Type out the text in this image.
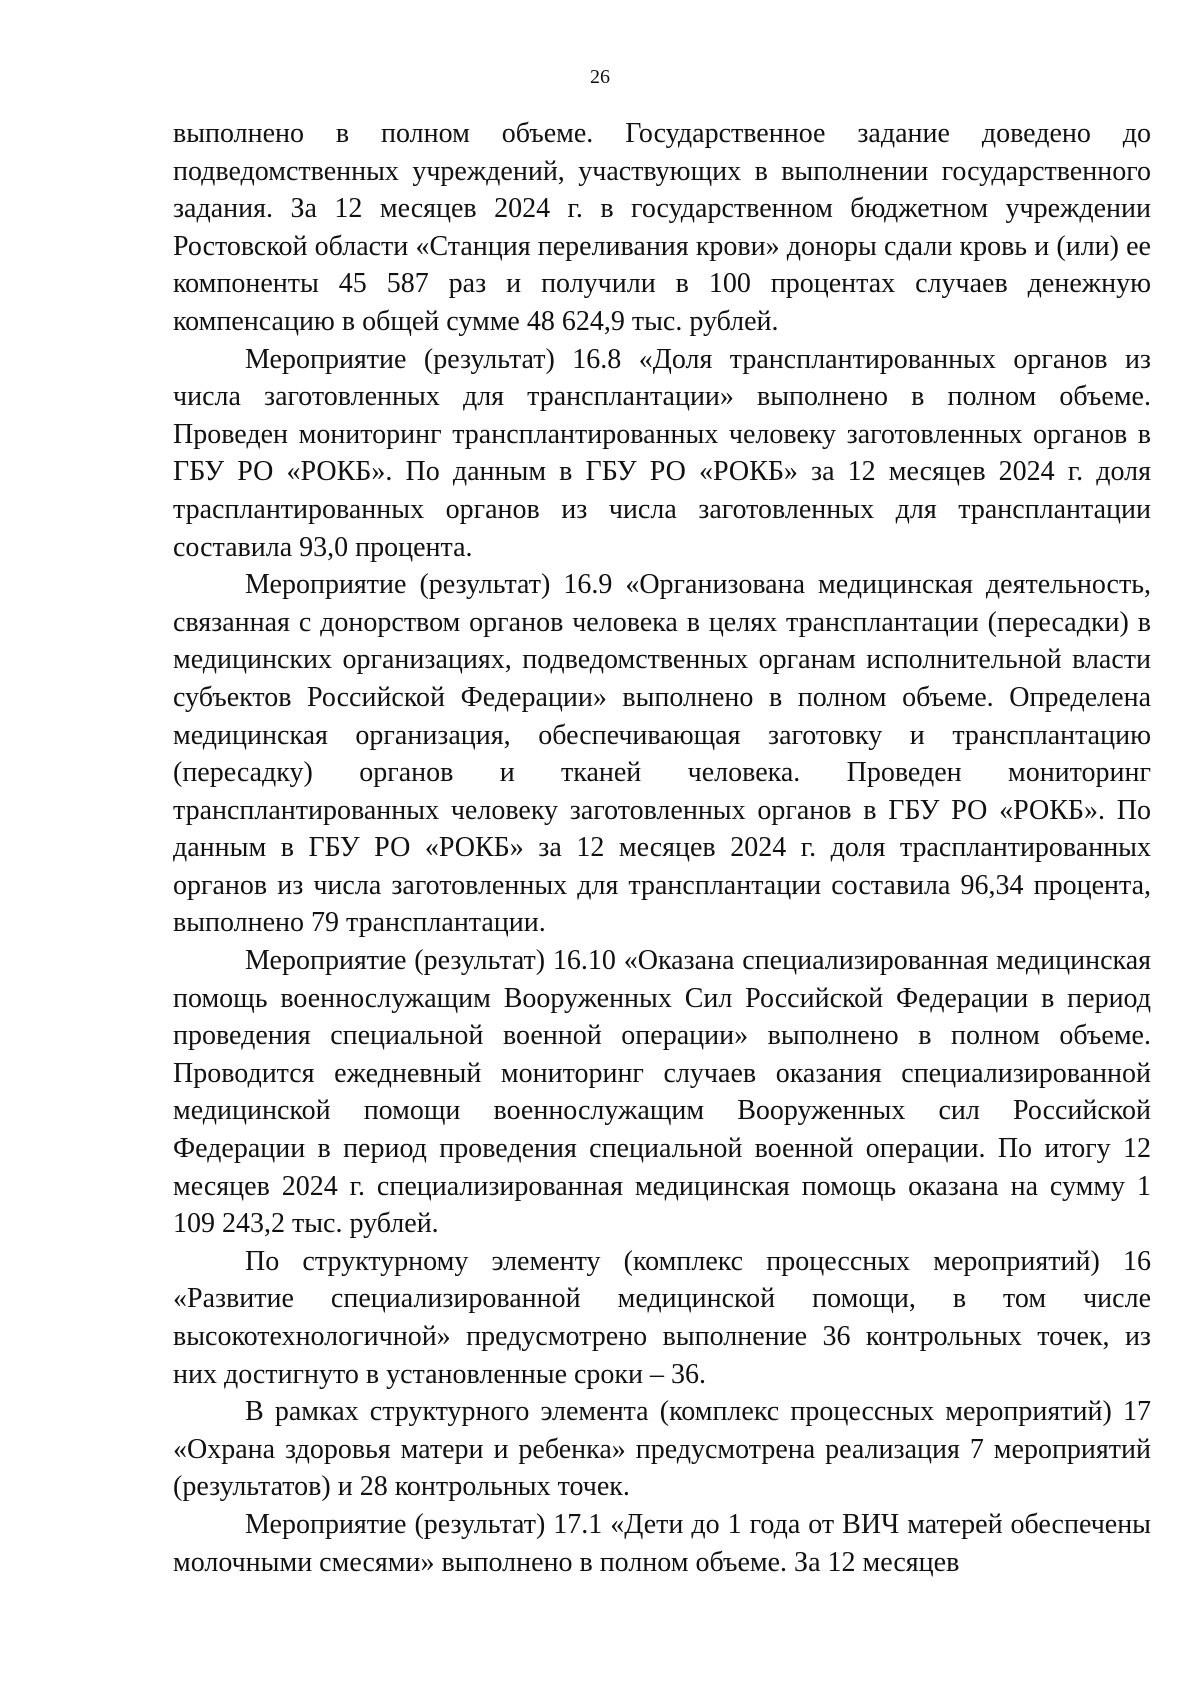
26

выполнено в полном объеме. Государственное задание доведено до подведомственных учреждений, участвующих в выполнении государственного задания. За 12 месяцев 2024 г. в государственном бюджетном учреждении Ростовской области «Станция переливания крови» доноры сдали кровь и (или) ее компоненты 45 587 раз и получили в 100 процентах случаев денежную компенсацию в общей сумме 48 624,9 тыс. рублей.

Мероприятие (результат) 16.8 «Доля трансплантированных органов из числа заготовленных для трансплантации» выполнено в полном объеме. Проведен мониторинг трансплантированных человеку заготовленных органов в ГБУ РО «РОКБ». По данным в ГБУ РО «РОКБ» за 12 месяцев 2024 г. доля трасплантированных органов из числа заготовленных для трансплантации составила 93,0 процента.

Мероприятие (результат) 16.9 «Организована медицинская деятельность, связанная с донорством органов человека в целях трансплантации (пересадки) в медицинских организациях, подведомственных органам исполнительной власти субъектов Российской Федерации» выполнено в полном объеме. Определена медицинская организация, обеспечивающая заготовку и трансплантацию (пересадку) органов и тканей человека. Проведен мониторинг трансплантированных человеку заготовленных органов в ГБУ РО «РОКБ». По данным в ГБУ РО «РОКБ» за 12 месяцев 2024 г. доля трасплантированных органов из числа заготовленных для трансплантации составила 96,34 процента, выполнено 79 трансплантации.

Мероприятие (результат) 16.10 «Оказана специализированная медицинская помощь военнослужащим Вооруженных Сил Российской Федерации в период проведения специальной военной операции» выполнено в полном объеме. Проводится ежедневный мониторинг случаев оказания специализированной медицинской помощи военнослужащим Вооруженных сил Российской Федерации в период проведения специальной военной операции. По итогу 12 месяцев 2024 г. специализированная медицинская помощь оказана на сумму 1 109 243,2 тыс. рублей.

По структурному элементу (комплекс процессных мероприятий) 16 «Развитие специализированной медицинской помощи, в том числе высокотехнологичной» предусмотрено выполнение 36 контрольных точек, из них достигнуто в установленные сроки – 36.

В рамках структурного элемента (комплекс процессных мероприятий) 17 «Охрана здоровья матери и ребенка» предусмотрена реализация 7 мероприятий (результатов) и 28 контрольных точек.

Мероприятие (результат) 17.1 «Дети до 1 года от ВИЧ матерей обеспечены молочными смесями» выполнено в полном объеме. За 12 месяцев
